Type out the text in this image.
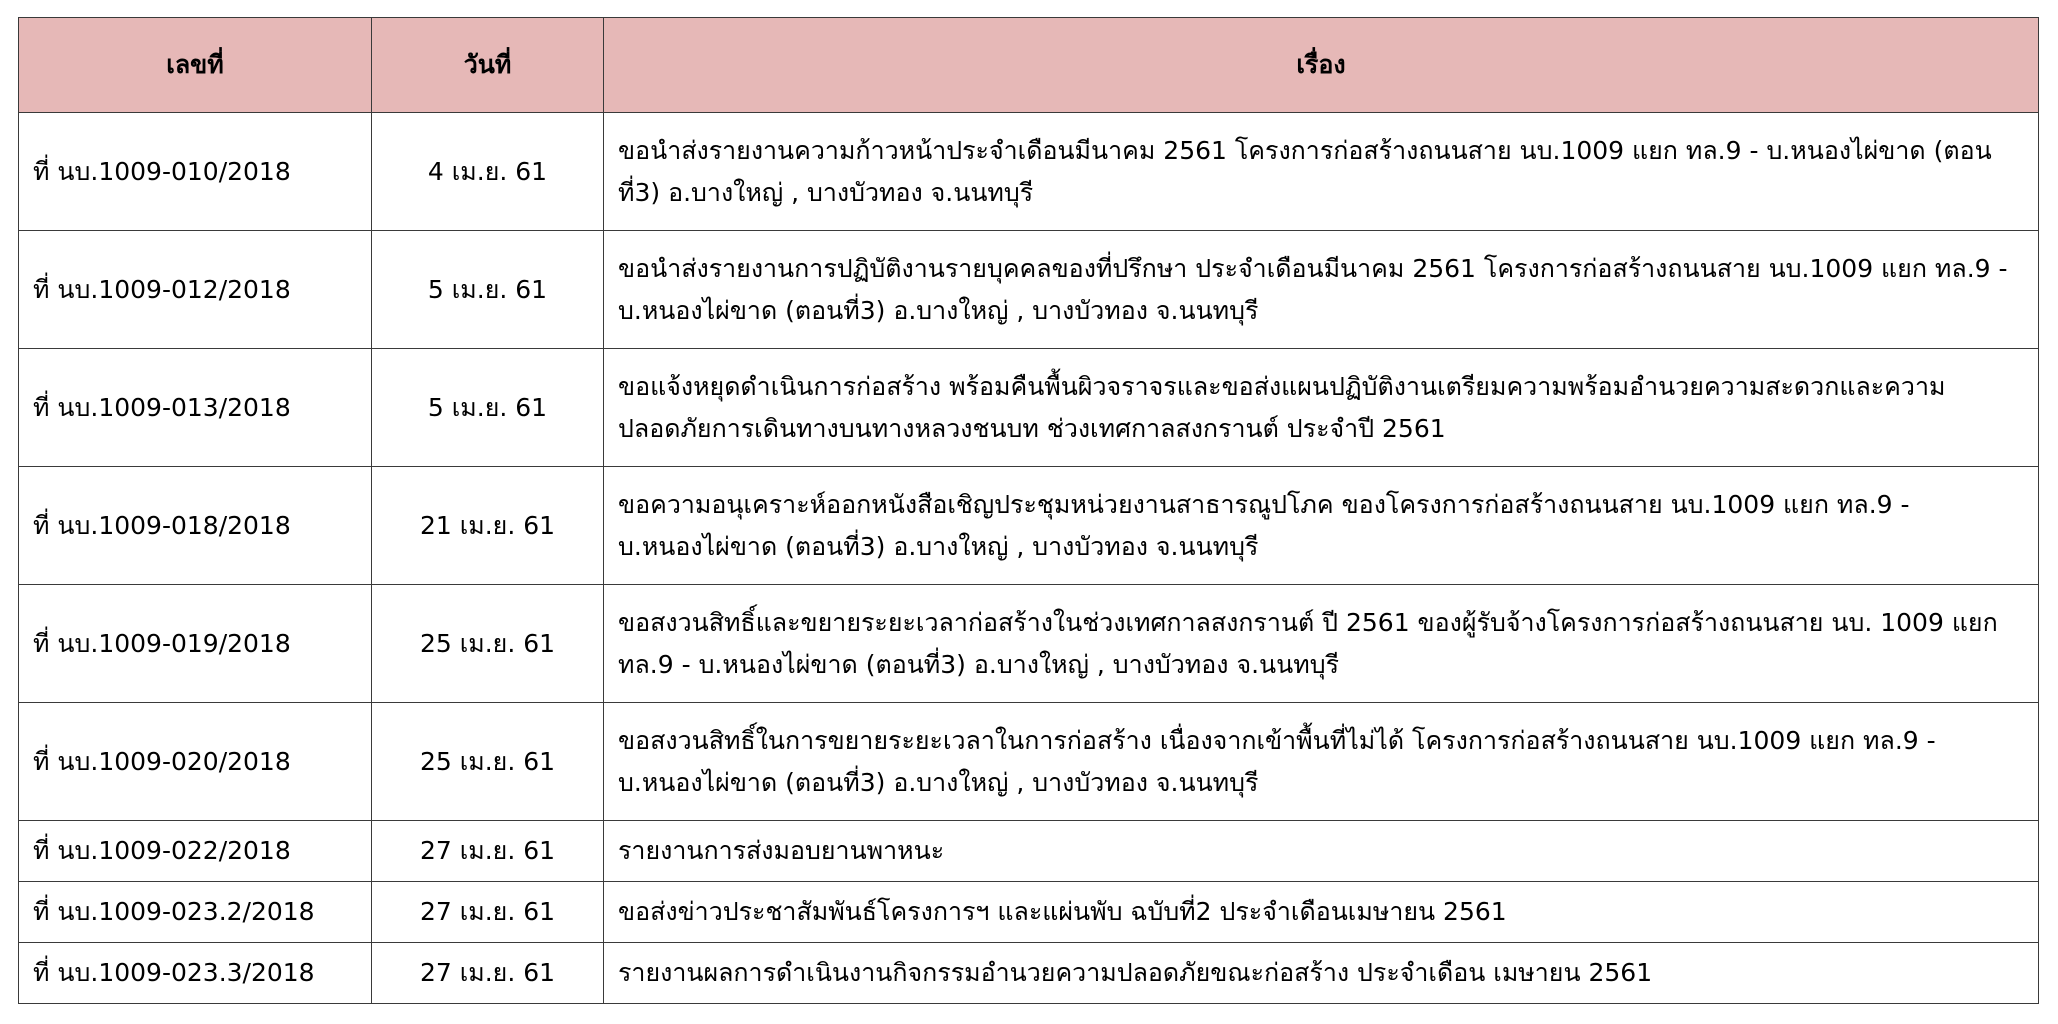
เลขที่	วันที่	เรื่อง
ที่ นบ.1009-010/2018	4 เม.ย. 61	ขอนำส่งรายงานความก้าวหน้าประจำเดือนมีนาคม 2561 โครงการก่อสร้างถนนสาย นบ.1009 แยก ทล.9 - บ.หนองไผ่ขาด (ตอนที่3) อ.บางใหญ่ , บางบัวทอง จ.นนทบุรี
ที่ นบ.1009-012/2018	5 เม.ย. 61	ขอนำส่งรายงานการปฏิบัติงานรายบุคคลของที่ปรึกษา ประจำเดือนมีนาคม 2561 โครงการก่อสร้างถนนสาย นบ.1009 แยก ทล.9 - บ.หนองไผ่ขาด (ตอนที่3) อ.บางใหญ่ , บางบัวทอง จ.นนทบุรี
ที่ นบ.1009-013/2018	5 เม.ย. 61	ขอแจ้งหยุดดำเนินการก่อสร้าง พร้อมคืนพื้นผิวจราจรและขอส่งแผนปฏิบัติงานเตรียมความพร้อมอำนวยความสะดวกและความปลอดภัยการเดินทางบนทางหลวงชนบท ช่วงเทศกาลสงกรานต์ ประจำปี 2561
ที่ นบ.1009-018/2018	21 เม.ย. 61	ขอความอนุเคราะห์ออกหนังสือเชิญประชุมหน่วยงานสาธารณูปโภค ของโครงการก่อสร้างถนนสาย นบ.1009 แยก ทล.9 - บ.หนองไผ่ขาด (ตอนที่3) อ.บางใหญ่ , บางบัวทอง จ.นนทบุรี
ที่ นบ.1009-019/2018	25 เม.ย. 61	ขอสงวนสิทธิ์และขยายระยะเวลาก่อสร้างในช่วงเทศกาลสงกรานต์ ปี 2561 ของผู้รับจ้างโครงการก่อสร้างถนนสาย นบ. 1009 แยก ทล.9 - บ.หนองไผ่ขาด (ตอนที่3) อ.บางใหญ่ , บางบัวทอง จ.นนทบุรี
ที่ นบ.1009-020/2018	25 เม.ย. 61	ขอสงวนสิทธิ์ในการขยายระยะเวลาในการก่อสร้าง เนื่องจากเข้าพื้นที่ไม่ได้ โครงการก่อสร้างถนนสาย นบ.1009 แยก ทล.9 - บ.หนองไผ่ขาด (ตอนที่3) อ.บางใหญ่ , บางบัวทอง จ.นนทบุรี
ที่ นบ.1009-022/2018	27 เม.ย. 61	รายงานการส่งมอบยานพาหนะ
ที่ นบ.1009-023.2/2018	27 เม.ย. 61	ขอส่งข่าวประชาสัมพันธ์โครงการฯ และแผ่นพับ ฉบับที่2 ประจำเดือนเมษายน 2561
ที่ นบ.1009-023.3/2018	27 เม.ย. 61	รายงานผลการดำเนินงานกิจกรรมอำนวยความปลอดภัยขณะก่อสร้าง ประจำเดือน เมษายน 2561
